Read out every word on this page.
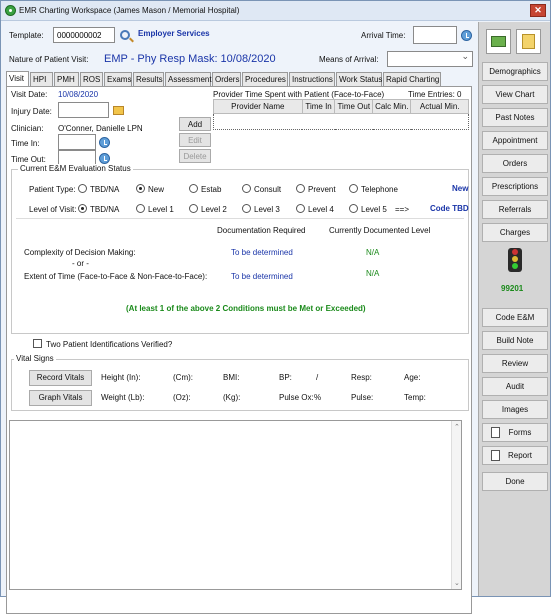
EMR Charting Workspace (James Mason / Memorial Hospital)	✕
Template:
0000000002	Employer Services	Arrival Time:
Nature of Patient Visit: EMP - Phy Resp Mask: 10/08/2020	Means of Arrival:
⌄
Visit	HPI	PMH	ROS Exams Results Assessment Orders Procedures Instructions Work Status Rapid Charting
Visit Date: 10/08/2020
Injury Date:
Clinician: O'Conner, Danielle LPN
Time In:
Time Out:
Add
Edit
Delete
Provider Time Spent with Patient (Face-to-Face)	Time Entries: 0
Provider Name	Time In	Time Out	Calc Min.	Actual Min.

Current E&M Evaluation Status
Patient Type:	TBD/NA	New	Estab	Consult	Prevent	Telephone	New
Level of Visit:	TBD/NA	Level 1	Level 2	Level 3	Level 4	Level 5 ==>	Code TBD
Documentation Required	Currently Documented Level
Complexity of Decision Making:	To be determined	N/A
- or -
Extent of Time (Face-to-Face & Non-Face-to-Face):	To be determined	N/A
(At least 1 of the above 2 Conditions must be Met or Exceeded)
Two Patient Identifications Verified?
Vital Signs
Record Vitals
Graph Vitals
Height (In):	(Cm):	BMI:	BP:	/	Resp:	Age:
Weight (Lb):	(Oz):	(Kg):	Pulse Ox: %	Pulse:	Temp:
⌃
⌄
Demographics
View Chart
Past Notes
Appointment
Orders
Prescriptions
Referrals
Charges
99201
Code E&M
Build Note
Review
Audit
Images
Forms
Report
Done
